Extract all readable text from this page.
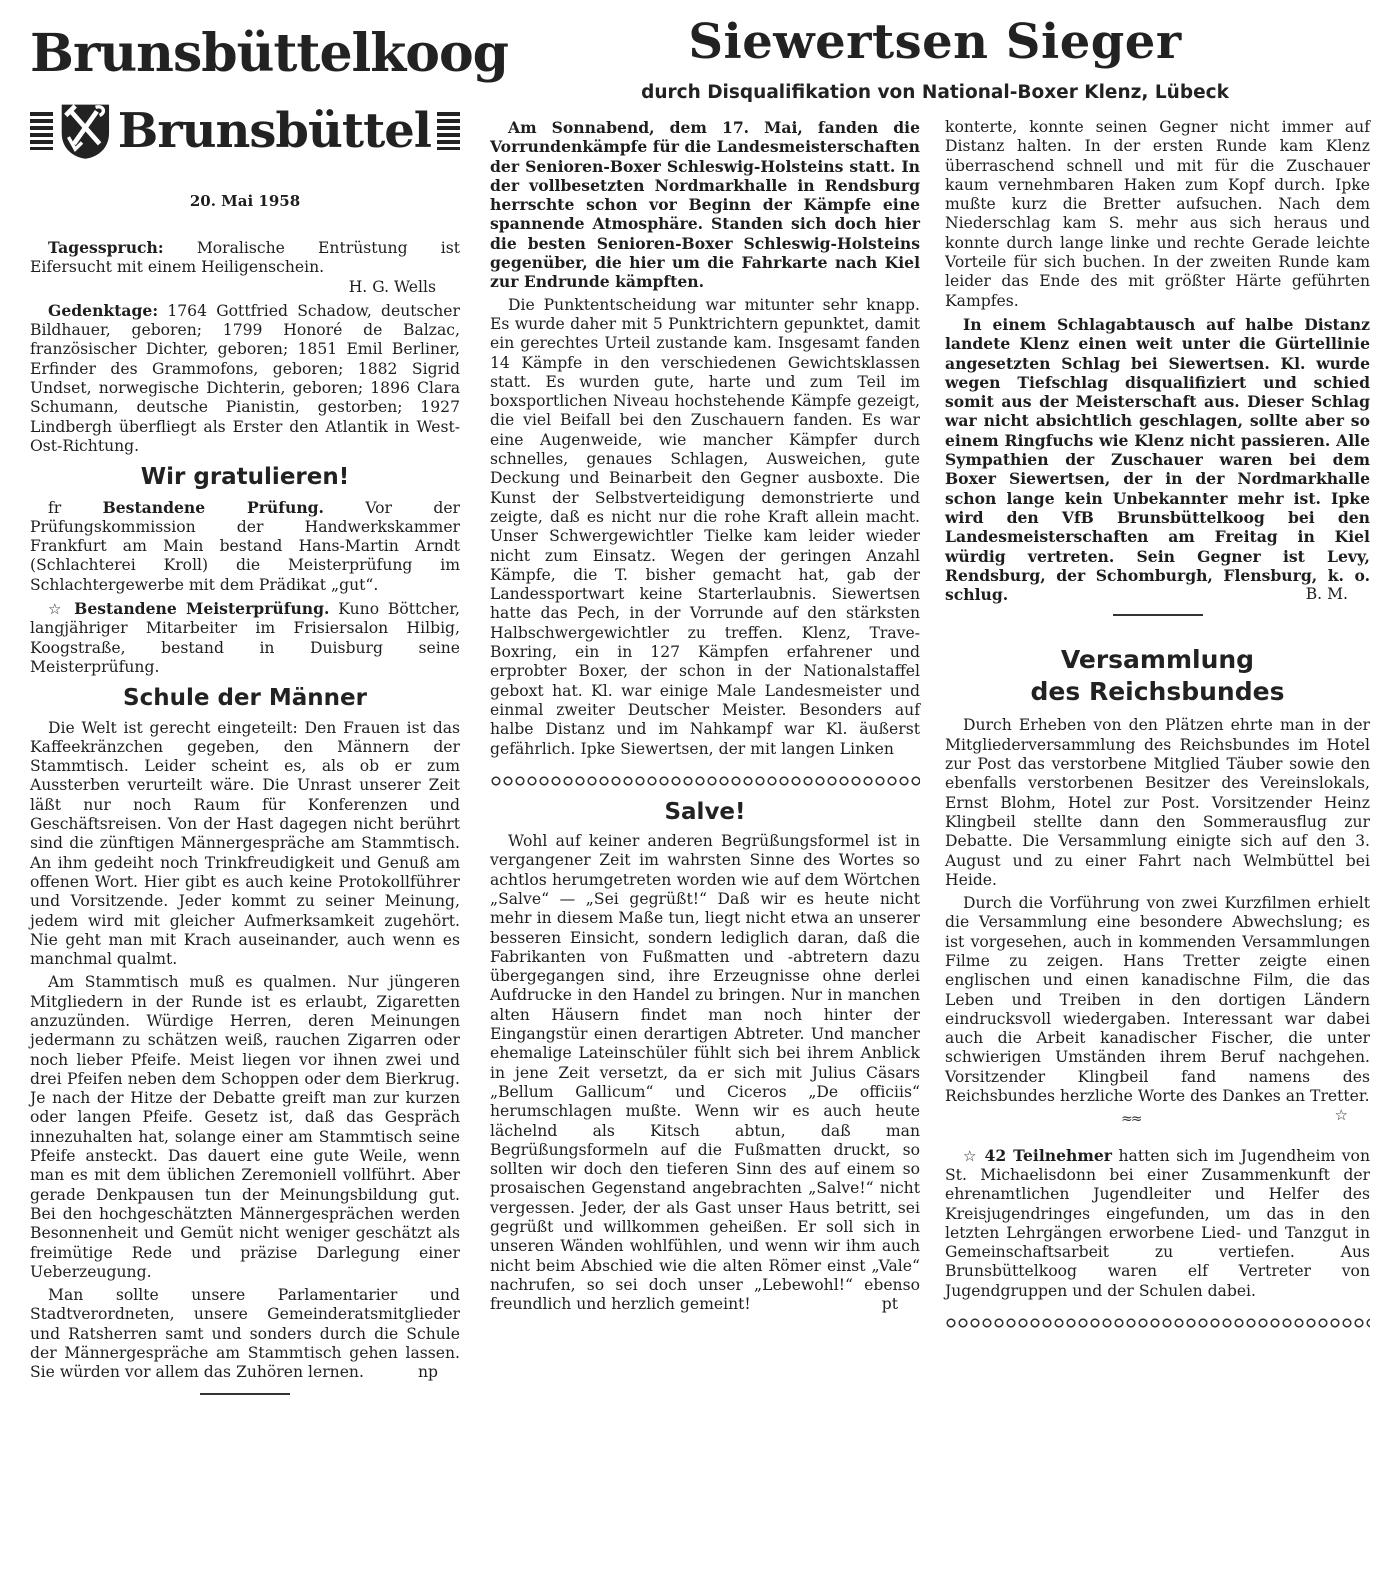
Brunsbüttelkoog
Brunsbüttel
20. Mai 1958

Tagesspruch: Moralische Entrüstung ist Eifersucht mit einem Heiligenschein.
H. G. Wells

Gedenktage: 1764 Gottfried Schadow, deutscher Bildhauer, geboren; 1799 Honoré de Balzac, französischer Dichter, geboren; 1851 Emil Berliner, Erfinder des Grammofons, geboren; 1882 Sigrid Undset, norwegische Dichterin, geboren; 1896 Clara Schumann, deutsche Pianistin, gestorben; 1927 Lindbergh überfliegt als Erster den Atlantik in West-Ost-Richtung.

Wir gratulieren!

fr	Bestandene Prüfung.	Vor der Prüfungskommission der Handwerkskammer Frankfurt am Main bestand Hans-Martin Arndt (Schlachterei Kroll) die Meisterprüfung im Schlachtergewerbe mit dem Prädikat „gut“.

☆ Bestandene Meisterprüfung. Kuno Böttcher, langjähriger Mitarbeiter im Frisiersalon Hilbig, Koogstraße, bestand in Duisburg seine Meisterprüfung.

Schule der Männer

Die Welt ist gerecht eingeteilt: Den Frauen ist das Kaffeekränzchen gegeben, den Männern der Stammtisch. Leider scheint es, als ob er zum Aussterben verurteilt wäre. Die Unrast unserer Zeit läßt nur noch Raum für Konferenzen und Geschäftsreisen. Von der Hast dagegen nicht berührt sind die zünftigen Männergespräche am Stammtisch. An ihm gedeiht noch Trinkfreudigkeit und Genuß am offenen Wort. Hier gibt es auch keine Protokollführer und Vorsitzende. Jeder kommt zu seiner Meinung, jedem wird mit gleicher Aufmerksamkeit zugehört. Nie geht man mit Krach auseinander, auch wenn es manchmal qualmt.

Am Stammtisch muß es qualmen. Nur jüngeren Mitgliedern in der Runde ist es erlaubt, Zigaretten anzuzünden. Würdige Herren, deren Meinungen jedermann zu schätzen weiß, rauchen Zigarren oder noch lieber Pfeife. Meist liegen vor ihnen zwei und drei Pfeifen neben dem Schoppen oder dem Bierkrug. Je nach der Hitze der Debatte greift man zur kurzen oder langen Pfeife. Gesetz ist, daß das Gespräch innezuhalten hat, solange einer am Stammtisch seine Pfeife ansteckt. Das dauert eine gute Weile, wenn man es mit dem üblichen Zeremoniell vollführt. Aber gerade Denkpausen tun der Meinungsbildung gut. Bei den hochgeschätzten Männergesprächen werden Besonnenheit und Gemüt nicht weniger geschätzt als freimütige Rede und präzise Darlegung einer Ueberzeugung.

Man sollte unsere Parlamentarier und Stadtverordneten, unsere Gemeinderatsmitglieder und Ratsherren samt und sonders durch die Schule der Männergespräche am Stammtisch gehen lassen. Sie würden vor allem das Zuhören lernen.	np

Siewertsen Sieger
durch Disqualifikation von National-Boxer Klenz, Lübeck

Am Sonnabend, dem 17. Mai, fanden die Vorrundenkämpfe für die Landesmeisterschaften der Senioren-Boxer Schleswig-Holsteins statt. In der vollbesetzten Nordmarkhalle in Rendsburg herrschte schon vor Beginn der Kämpfe eine spannende Atmosphäre. Standen sich doch hier die besten Senioren-Boxer Schleswig-Holsteins gegenüber, die hier um die Fahrkarte nach Kiel zur Endrunde kämpften.

Die Punktentscheidung war mitunter sehr knapp. Es wurde daher mit 5 Punktrichtern gepunktet, damit ein gerechtes Urteil zustande kam. Insgesamt fanden 14 Kämpfe in den verschiedenen Gewichtsklassen statt. Es wurden gute, harte und zum Teil im boxsportlichen Niveau hochstehende Kämpfe gezeigt, die viel Beifall bei den Zuschauern fanden. Es war eine Augenweide, wie mancher Kämpfer durch schnelles, genaues Schlagen, Ausweichen, gute Deckung und Beinarbeit den Gegner ausboxte. Die Kunst der Selbstverteidigung demonstrierte und zeigte, daß es nicht nur die rohe Kraft allein macht. Unser Schwergewichtler Tielke kam leider wieder nicht zum Einsatz. Wegen der geringen Anzahl Kämpfe, die T. bisher gemacht hat, gab der Landessportwart keine Starterlaubnis. Siewertsen hatte das Pech, in der Vorrunde auf den stärksten Halbschwergewichtler zu treffen. Klenz, Trave-Boxring, ein in 127 Kämpfen erfahrener und erprobter Boxer, der schon in der Nationalstaffel geboxt hat. Kl. war einige Male Landesmeister und einmal zweiter Deutscher Meister. Besonders auf halbe Distanz und im Nahkampf war Kl. äußerst gefährlich. Ipke Siewertsen, der mit langen Linken

Salve!

Wohl auf keiner anderen Begrüßungsformel ist in vergangener Zeit im wahrsten Sinne des Wortes so achtlos herumgetreten worden wie auf dem Wörtchen „Salve“ — „Sei gegrüßt!“ Daß wir es heute nicht mehr in diesem Maße tun, liegt nicht etwa an unserer besseren Einsicht, sondern lediglich daran, daß die Fabrikanten von Fußmatten und -abtretern dazu übergegangen sind, ihre Erzeugnisse ohne derlei Aufdrucke in den Handel zu bringen. Nur in manchen alten Häusern findet man noch hinter der Eingangstür einen derartigen Abtreter. Und mancher ehemalige Lateinschüler fühlt sich bei ihrem Anblick in jene Zeit versetzt, da er sich mit Julius Cäsars „Bellum Gallicum“ und Ciceros „De officiis“ herumschlagen mußte. Wenn wir es auch heute lächelnd als Kitsch abtun, daß man Begrüßungsformeln auf die Fußmatten druckt, so sollten wir doch den tieferen Sinn des auf einem so prosaischen Gegenstand angebrachten „Salve!“ nicht vergessen. Jeder, der als Gast unser Haus betritt, sei gegrüßt und willkommen geheißen. Er soll sich in unseren Wänden wohlfühlen, und wenn wir ihm auch nicht beim Abschied wie die alten Römer einst „Vale“ nachrufen, so sei doch unser „Lebewohl!“ ebenso freundlich und herzlich gemeint!	pt

konterte, konnte seinen Gegner nicht immer auf Distanz halten. In der ersten Runde kam Klenz überraschend schnell und mit für die Zuschauer kaum vernehmbaren Haken zum Kopf durch. Ipke mußte kurz die Bretter aufsuchen. Nach dem Niederschlag kam S. mehr aus sich heraus und konnte durch lange linke und rechte Gerade leichte Vorteile für sich buchen. In der zweiten Runde kam leider das Ende des mit größter Härte geführten Kampfes.

In einem Schlagabtausch auf halbe Distanz landete Klenz einen weit unter die Gürtellinie angesetzten Schlag bei Siewertsen. Kl. wurde wegen Tiefschlag disqualifiziert und schied somit aus der Meisterschaft aus. Dieser Schlag war nicht absichtlich geschlagen, sollte aber so einem Ringfuchs wie Klenz nicht passieren. Alle Sympathien der Zuschauer waren bei dem Boxer Siewertsen, der in der Nordmarkhalle schon lange kein Unbekannter mehr ist. Ipke wird den VfB Brunsbüttelkoog bei den Landesmeisterschaften am Freitag in Kiel würdig vertreten. Sein Gegner ist Levy, Rendsburg, der Schomburgh, Flensburg, k. o. schlug.	B. M.

Versammlung
des Reichsbundes

Durch Erheben von den Plätzen ehrte man in der Mitgliederversammlung des Reichsbundes im Hotel zur Post das verstorbene Mitglied Täuber sowie den ebenfalls verstorbenen Besitzer des Vereinslokals, Ernst Blohm, Hotel zur Post. Vorsitzender Heinz Klingbeil stellte dann den Sommerausflug zur Debatte. Die Versammlung einigte sich auf den 3. August und zu einer Fahrt nach Welmbüttel bei Heide.

Durch die Vorführung von zwei Kurzfilmen erhielt die Versammlung eine besondere Abwechslung; es ist vorgesehen, auch in kommenden Versammlungen Filme zu zeigen. Hans Tretter zeigte einen englischen und einen kanadischne Film, die das Leben und Treiben in den dortigen Ländern eindrucksvoll wiedergaben. Interessant war dabei auch die Arbeit kanadischer Fischer, die unter schwierigen Umständen ihrem Beruf nachgehen. Vorsitzender Klingbeil fand namens des Reichsbundes herzliche Worte des Dankes an Tretter.
☆

≈≈

☆ 42 Teilnehmer hatten sich im Jugendheim von St. Michaelisdonn bei einer Zusammenkunft der ehrenamtlichen Jugendleiter und Helfer des Kreisjugendringes eingefunden, um das in den letzten Lehrgängen erworbene Lied- und Tanzgut in Gemeinschaftsarbeit zu vertiefen. Aus Brunsbüttelkoog waren elf Vertreter von Jugendgruppen und der Schulen dabei.
